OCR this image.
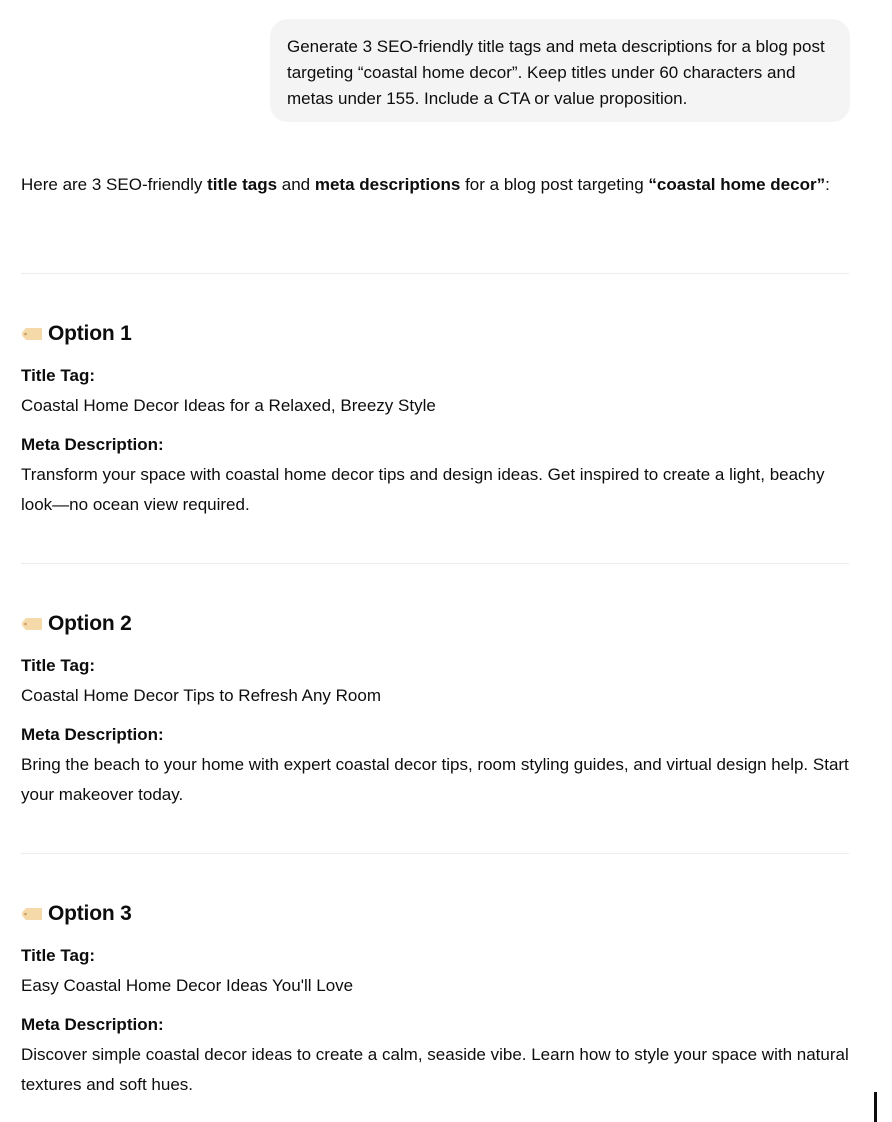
Generate 3 SEO-friendly title tags and meta descriptions for a blog post targeting “coastal home decor”. Keep titles under 60 characters and metas under 155. Include a CTA or value proposition.

Here are 3 SEO-friendly title tags and meta descriptions for a blog post targeting “coastal home decor”:

Option 1
Title Tag:
Coastal Home Decor Ideas for a Relaxed, Breezy Style
Meta Description:
Transform your space with coastal home decor tips and design ideas. Get inspired to create a light, beachy look—no ocean view required.
Option 2
Title Tag:
Coastal Home Decor Tips to Refresh Any Room
Meta Description:
Bring the beach to your home with expert coastal decor tips, room styling guides, and virtual design help. Start your makeover today.
Option 3
Title Tag:
Easy Coastal Home Decor Ideas You'll Love
Meta Description:
Discover simple coastal decor ideas to create a calm, seaside vibe. Learn how to style your space with natural textures and soft hues.
